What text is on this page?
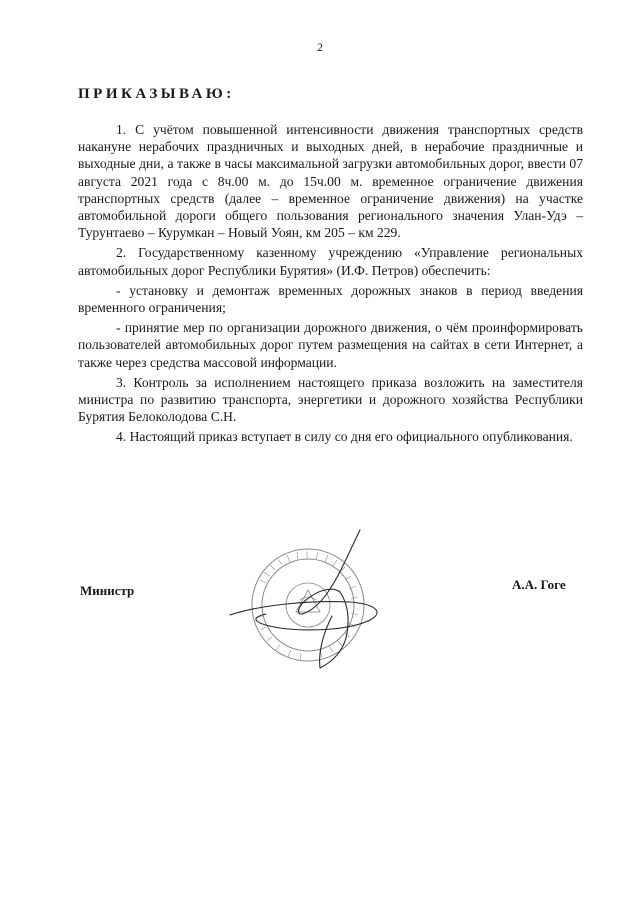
2
ПРИКАЗЫВАЮ:

1. С учётом повышенной интенсивности движения транспортных средств накануне нерабочих праздничных и выходных дней, в нерабочие праздничные и выходные дни, а также в часы максимальной загрузки автомобильных дорог, ввести 07 августа 2021 года с 8ч.00 м. до 15ч.00 м. временное ограничение движения транспортных средств (далее – временное ограничение движения) на участке автомобильной дороги общего пользования регионального значения Улан-Удэ – Турунтаево – Курумкан – Новый Уоян, км 205 – км 229.

2. Государственному казенному учреждению «Управление региональных автомобильных дорог Республики Бурятия» (И.Ф. Петров) обеспечить:

- установку и демонтаж временных дорожных знаков в период введения временного ограничения;

- принятие мер по организации дорожного движения, о чём проинформировать пользователей автомобильных дорог путем размещения на сайтах в сети Интернет, а также через средства массовой информации.

3. Контроль за исполнением настоящего приказа возложить на заместителя министра по развитию транспорта, энергетики и дорожного хозяйства Республики Бурятия Белоколодова С.Н.

4. Настоящий приказ вступает в силу со дня его официального опубликования.

Министр	А.А. Гоге
